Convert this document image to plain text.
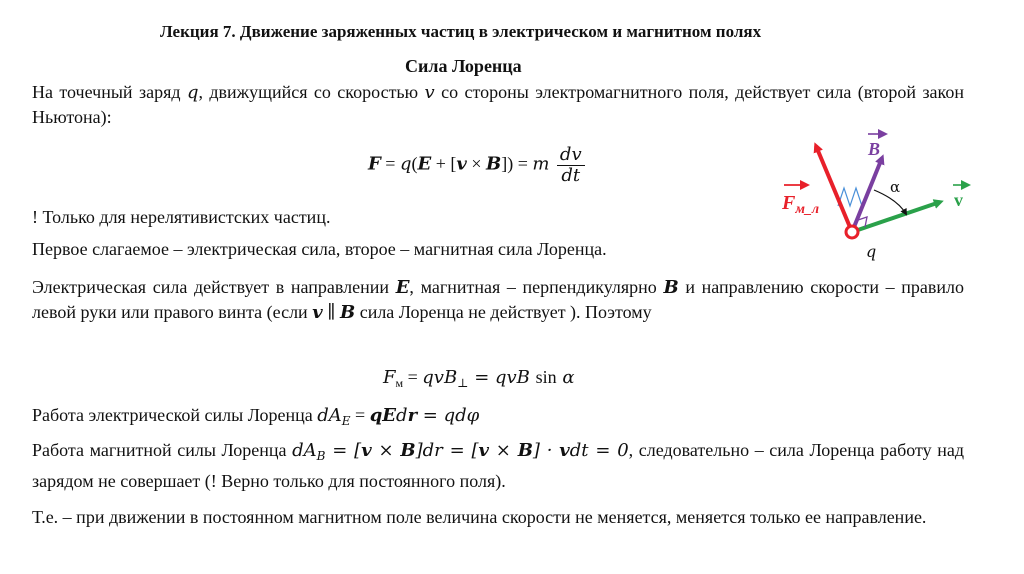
Лекция 7. Движение заряженных частиц в электрическом и магнитном полях
Сила Лоренца
На точечный заряд q, движущийся со скоростью v со стороны электромагнитного поля, действует сила (второй закон Ньютона):
F = q(E + [v × B]) = m $\frac{dv}{dt}$
! Только для нерелятивистских частиц.
Первое слагаемое – электрическая сила, второе – магнитная сила Лоренца.
Электрическая сила действует в направлении E, магнитная – перпендикулярно B и направлению скорости – правило левой руки или правого винта (если v ∥ B сила Лоренца не действует ). Поэтому
$F_м = qvB_\perp$ = qvB sin α
Работа электрической силы Лоренца $dA_E$ = qEdr = qdφ
Работа магнитной силы Лоренца $dA_B = [v \times B]dr = [v \times B]$ · vdt = 0, следовательно – сила Лоренца работу над зарядом не совершает (! Верно только для постоянного поля).
Т.е. – при движении в постоянном магнитном поле величина скорости не меняется, меняется только ее направление.
$F_{м\_л}$
B
v
α
q
